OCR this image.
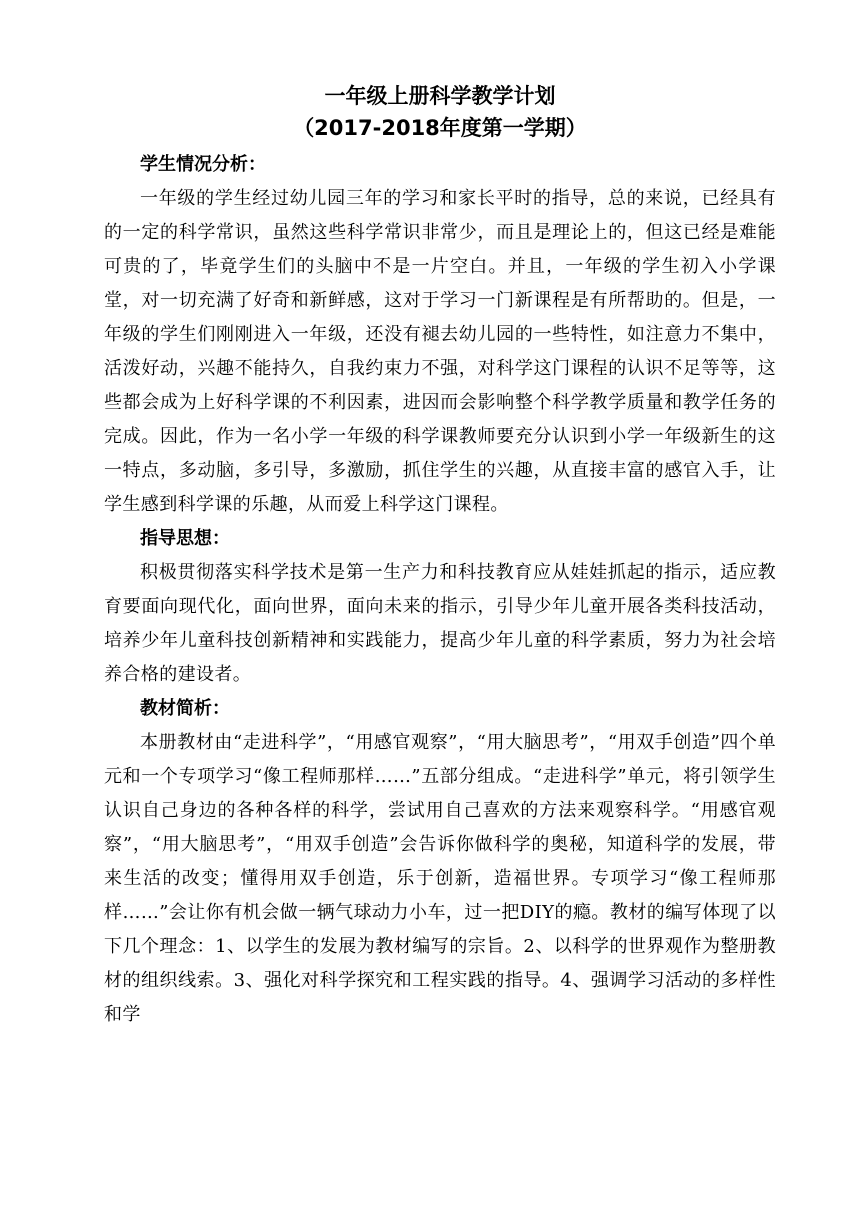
一年级上册科学教学计划

（2017-2018年度第一学期）

学生情况分析：

一年级的学生经过幼儿园三年的学习和家长平时的指导，总的来说，已经具有的一定的科学常识，虽然这些科学常识非常少，而且是理论上的，但这已经是难能可贵的了，毕竟学生们的头脑中不是一片空白。并且，一年级的学生初入小学课堂，对一切充满了好奇和新鲜感，这对于学习一门新课程是有所帮助的。但是，一年级的学生们刚刚进入一年级，还没有褪去幼儿园的一些特性，如注意力不集中，活泼好动，兴趣不能持久，自我约束力不强，对科学这门课程的认识不足等等，这些都会成为上好科学课的不利因素，进因而会影响整个科学教学质量和教学任务的完成。因此，作为一名小学一年级的科学课教师要充分认识到小学一年级新生的这一特点，多动脑，多引导，多激励，抓住学生的兴趣，从直接丰富的感官入手，让学生感到科学课的乐趣，从而爱上科学这门课程。

指导思想：

积极贯彻落实科学技术是第一生产力和科技教育应从娃娃抓起的指示，适应教育要面向现代化，面向世界，面向未来的指示，引导少年儿童开展各类科技活动，培养少年儿童科技创新精神和实践能力，提高少年儿童的科学素质，努力为社会培养合格的建设者。

教材简析：

本册教材由“走进科学”，“用感官观察”，“用大脑思考”，“用双手创造”四个单元和一个专项学习“像工程师那样……”五部分组成。“走进科学”单元，将引领学生认识自己身边的各种各样的科学，尝试用自己喜欢的方法来观察科学。“用感官观察”，“用大脑思考”，“用双手创造”会告诉你做科学的奥秘，知道科学的发展，带来生活的改变；懂得用双手创造，乐于创新，造福世界。专项学习“像工程师那样……”会让你有机会做一辆气球动力小车，过一把DIY的瘾。教材的编写体现了以下几个理念：1、以学生的发展为教材编写的宗旨。2、以科学的世界观作为整册教材的组织线索。3、强化对科学探究和工程实践的指导。4、强调学习活动的多样性和学
